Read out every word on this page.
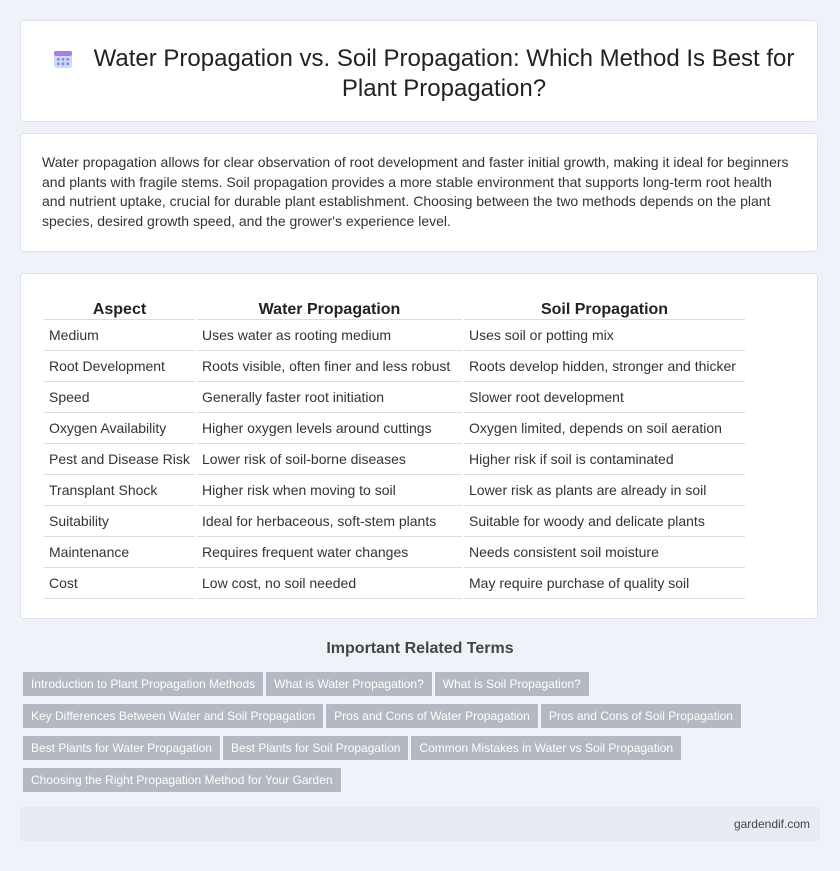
Water Propagation vs. Soil Propagation: Which Method Is Best for Plant Propagation?

Water propagation allows for clear observation of root development and faster initial growth, making it ideal for beginners and plants with fragile stems. Soil propagation provides a more stable environment that supports long-term root health and nutrient uptake, crucial for durable plant establishment. Choosing between the two methods depends on the plant species, desired growth speed, and the grower's experience level.

Aspect	Water Propagation	Soil Propagation
Medium	Uses water as rooting medium	Uses soil or potting mix
Root Development	Roots visible, often finer and less robust	Roots develop hidden, stronger and thicker
Speed	Generally faster root initiation	Slower root development
Oxygen Availability	Higher oxygen levels around cuttings	Oxygen limited, depends on soil aeration
Pest and Disease Risk	Lower risk of soil-borne diseases	Higher risk if soil is contaminated
Transplant Shock	Higher risk when moving to soil	Lower risk as plants are already in soil
Suitability	Ideal for herbaceous, soft-stem plants	Suitable for woody and delicate plants
Maintenance	Requires frequent water changes	Needs consistent soil moisture
Cost	Low cost, no soil needed	May require purchase of quality soil
Important Related Terms
Introduction to Plant Propagation Methods What is Water Propagation? What is Soil Propagation?
Key Differences Between Water and Soil Propagation Pros and Cons of Water Propagation Pros and Cons of Soil Propagation
Best Plants for Water Propagation Best Plants for Soil Propagation Common Mistakes in Water vs Soil Propagation
Choosing the Right Propagation Method for Your Garden
gardendif.com
